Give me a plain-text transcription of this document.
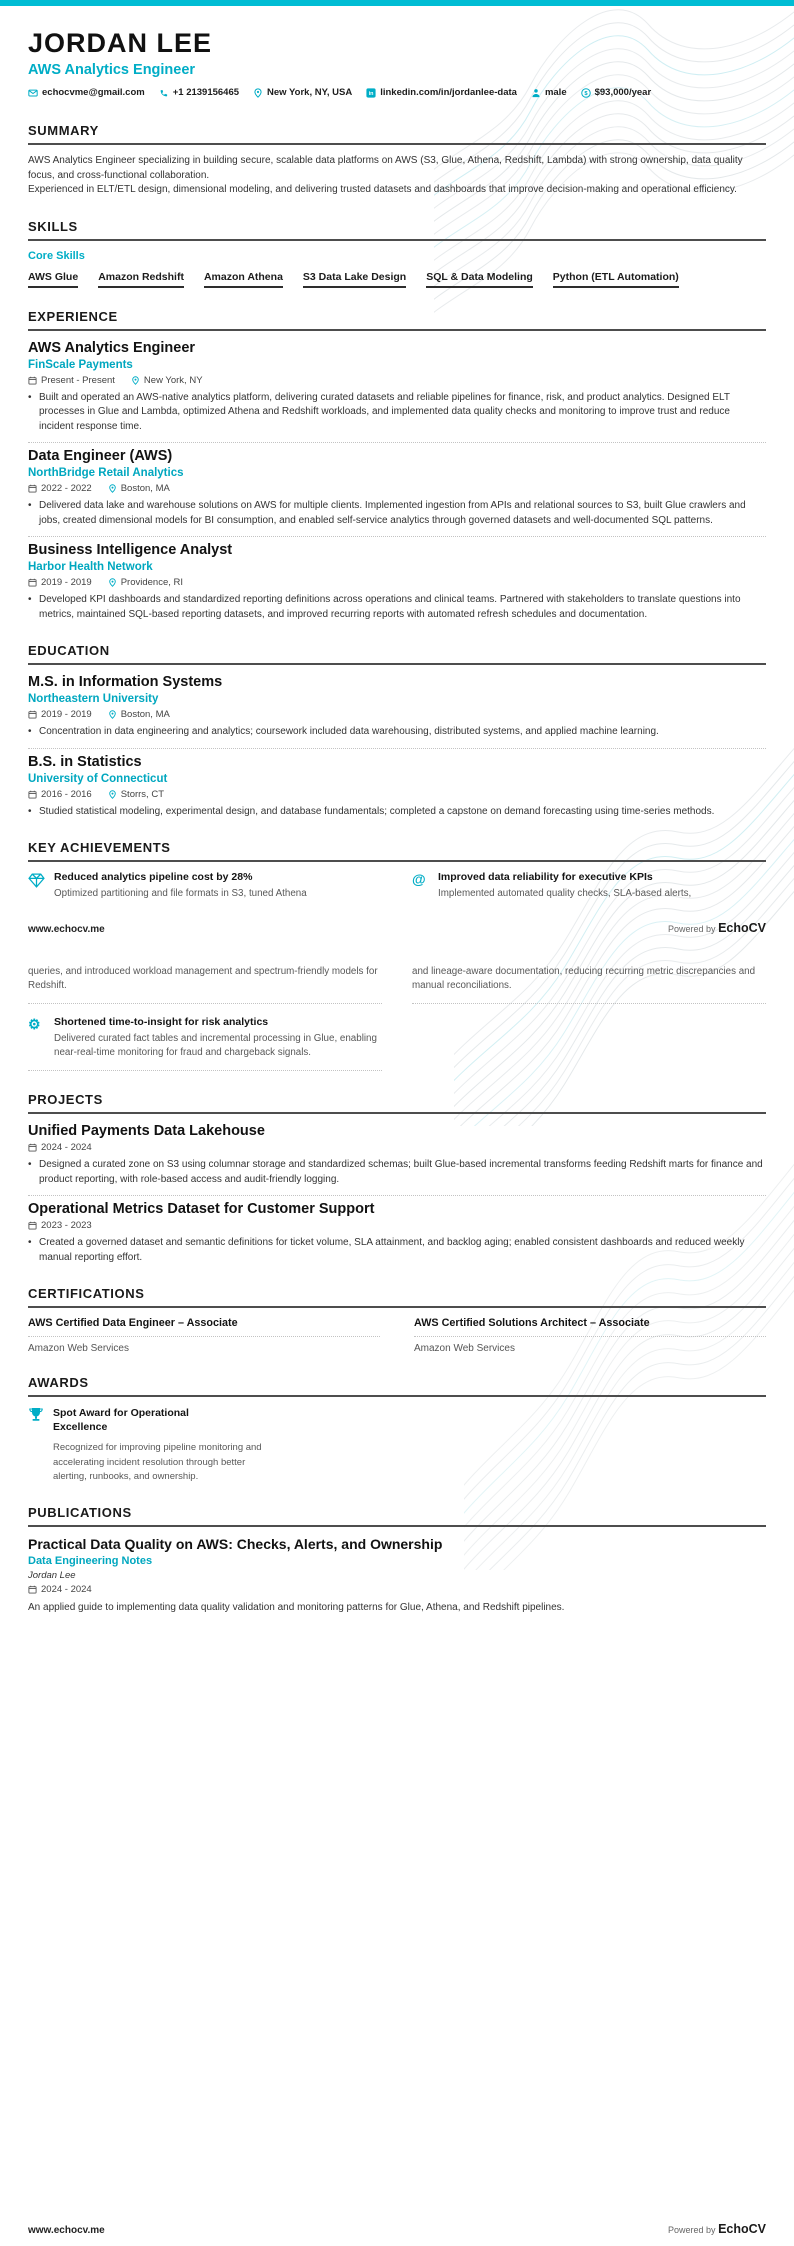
JORDAN LEE
AWS Analytics Engineer
echocvme@gmail.com	+1 2139156465	New York, NY, USA	in linkedin.com/in/jordanlee-data	male $ $93,000/year
SUMMARY

AWS Analytics Engineer specializing in building secure, scalable data platforms on AWS (S3, Glue, Athena, Redshift, Lambda) with strong ownership, data quality focus, and cross-functional collaboration.

Experienced in ELT/ETL design, dimensional modeling, and delivering trusted datasets and dashboards that improve decision-making and operational efficiency.

SKILLS
Core Skills
AWS Glue Amazon Redshift Amazon Athena S3 Data Lake Design SQL & Data Modeling Python (ETL Automation)
EXPERIENCE
AWS Analytics Engineer
FinScale Payments
Present - Present	New York, NY
• Built and operated an AWS-native analytics platform, delivering curated datasets and reliable pipelines for finance, risk, and product analytics. Designed ELT processes in Glue and Lambda, optimized Athena and Redshift workloads, and implemented data quality checks and monitoring to improve trust and reduce incident response time.
Data Engineer (AWS)
NorthBridge Retail Analytics
2022 - 2022	Boston, MA
• Delivered data lake and warehouse solutions on AWS for multiple clients. Implemented ingestion from APIs and relational sources to S3, built Glue crawlers and jobs, created dimensional models for BI consumption, and enabled self-service analytics through governed datasets and well-documented SQL patterns.
Business Intelligence Analyst
Harbor Health Network
2019 - 2019	Providence, RI
• Developed KPI dashboards and standardized reporting definitions across operations and clinical teams. Partnered with stakeholders to translate questions into metrics, maintained SQL-based reporting datasets, and improved recurring reports with automated refresh schedules and documentation.
EDUCATION
M.S. in Information Systems
Northeastern University
2019 - 2019	Boston, MA
• Concentration in data engineering and analytics; coursework included data warehousing, distributed systems, and applied machine learning.
B.S. in Statistics
University of Connecticut
2016 - 2016	Storrs, CT
• Studied statistical modeling, experimental design, and database fundamentals; completed a capstone on demand forecasting using time-series methods.
KEY ACHIEVEMENTS
Reduced analytics pipeline cost by 28%
Optimized partitioning and file formats in S3, tuned Athena
@	Improved data reliability for executive KPIs
Implemented automated quality checks, SLA-based alerts,
www.echocv.me	Powered by EchoCV
queries, and introduced workload management and spectrum-friendly models for Redshift.
and lineage-aware documentation, reducing recurring metric discrepancies and manual reconciliations.
⚙	Shortened time-to-insight for risk analytics
Delivered curated fact tables and incremental processing in Glue, enabling near-real-time monitoring for fraud and chargeback signals.
PROJECTS
Unified Payments Data Lakehouse
2024 - 2024
• Designed a curated zone on S3 using columnar storage and standardized schemas; built Glue-based incremental transforms feeding Redshift marts for finance and product reporting, with role-based access and audit-friendly logging.
Operational Metrics Dataset for Customer Support
2023 - 2023
• Created a governed dataset and semantic definitions for ticket volume, SLA attainment, and backlog aging; enabled consistent dashboards and reduced weekly manual reporting effort.
CERTIFICATIONS
AWS Certified Data Engineer – Associate
Amazon Web Services
AWS Certified Solutions Architect – Associate
Amazon Web Services
AWARDS
Spot Award for Operational Excellence
Recognized for improving pipeline monitoring and accelerating incident resolution through better alerting, runbooks, and ownership.
PUBLICATIONS
Practical Data Quality on AWS: Checks, Alerts, and Ownership
Data Engineering Notes
Jordan Lee
2024 - 2024

An applied guide to implementing data quality validation and monitoring patterns for Glue, Athena, and Redshift pipelines.

www.echocv.me	Powered by EchoCV
